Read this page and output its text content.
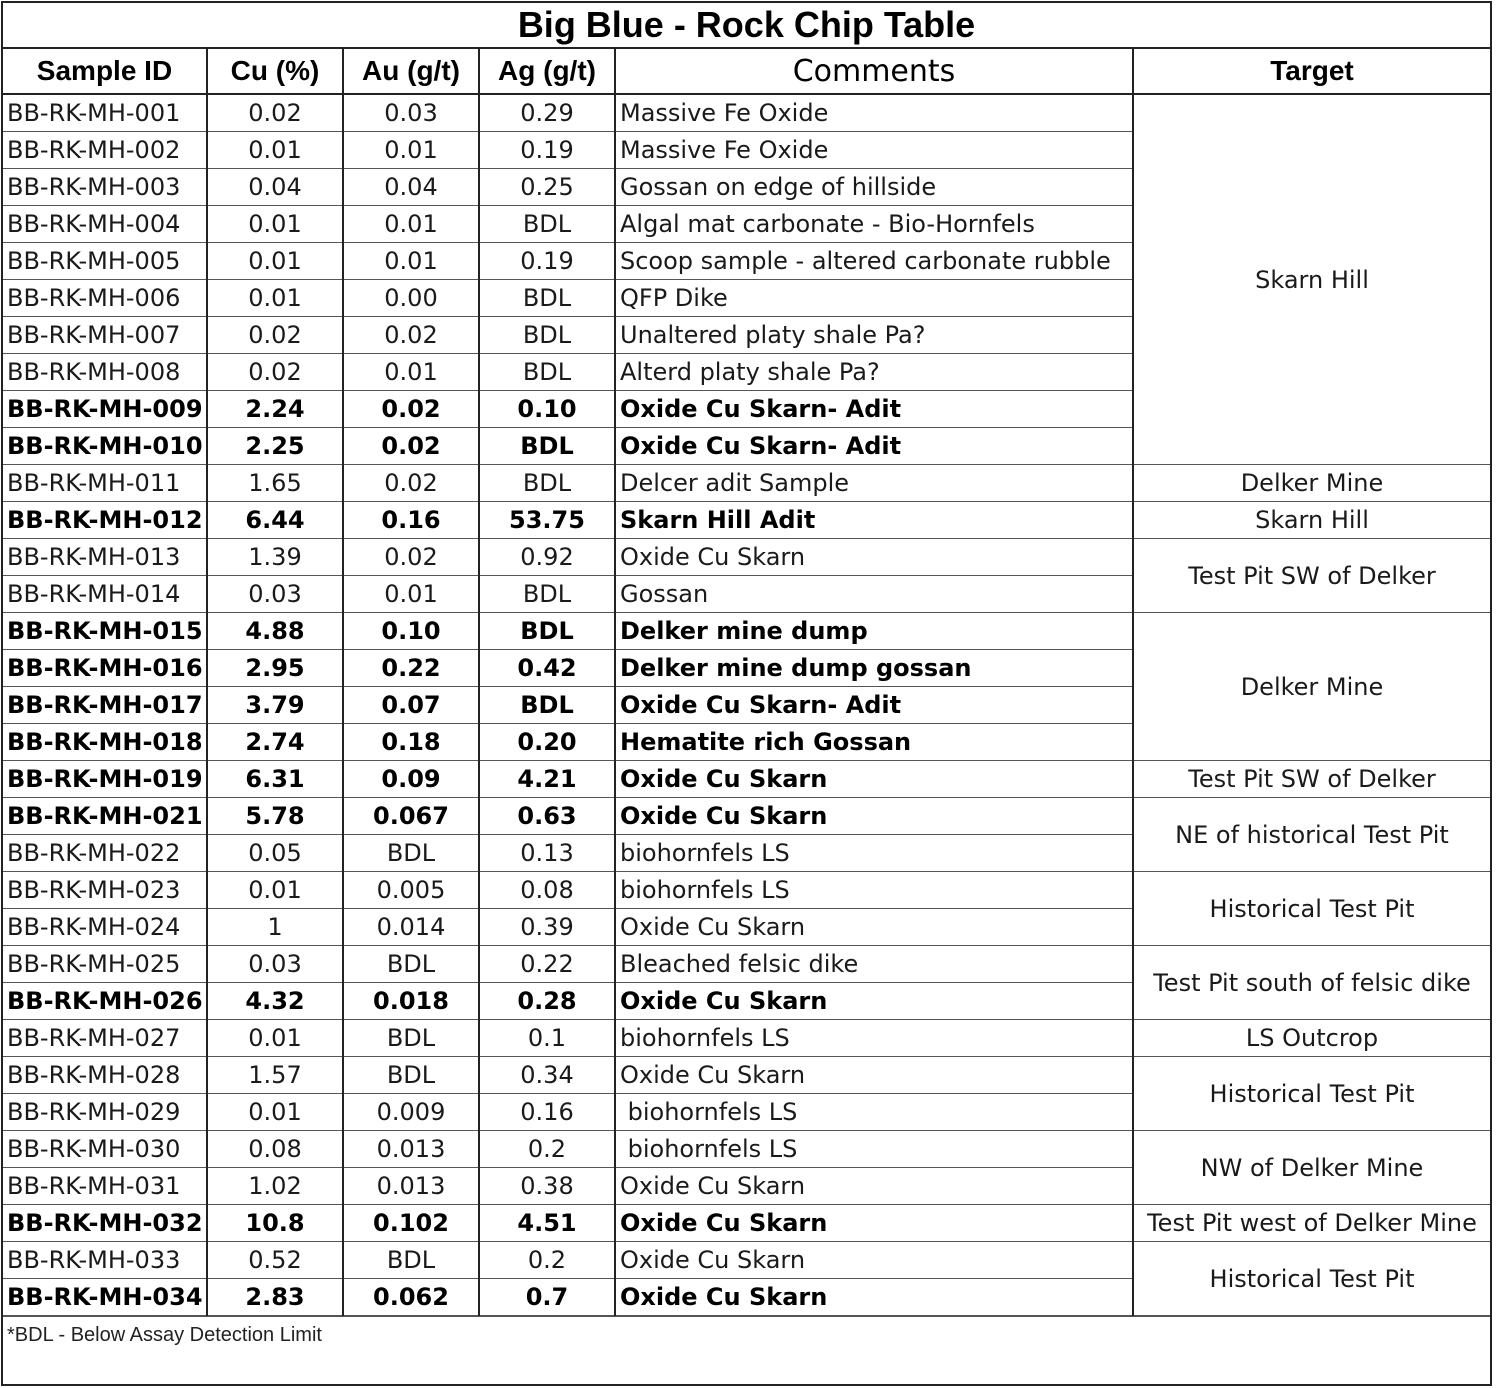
Big Blue - Rock Chip Table
Sample ID	Cu (%)	Au (g/t)	Ag (g/t)	Comments	Target
BB-RK-MH-001	0.02	0.03	0.29	Massive Fe Oxide	Skarn Hill
BB-RK-MH-002	0.01	0.01	0.19	Massive Fe Oxide	
BB-RK-MH-003	0.04	0.04	0.25	Gossan on edge of hillside	
BB-RK-MH-004	0.01	0.01	BDL	Algal mat carbonate - Bio-Hornfels	
BB-RK-MH-005	0.01	0.01	0.19	Scoop sample - altered carbonate rubble	
BB-RK-MH-006	0.01	0.00	BDL	QFP Dike	
BB-RK-MH-007	0.02	0.02	BDL	Unaltered platy shale Pa?	
BB-RK-MH-008	0.02	0.01	BDL	Alterd platy shale Pa?	
BB-RK-MH-009	2.24	0.02	0.10	Oxide Cu Skarn- Adit	
BB-RK-MH-010	2.25	0.02	BDL	Oxide Cu Skarn- Adit	
BB-RK-MH-011	1.65	0.02	BDL	Delcer adit Sample	Delker Mine
BB-RK-MH-012	6.44	0.16	53.75	Skarn Hill Adit	Skarn Hill
BB-RK-MH-013	1.39	0.02	0.92	Oxide Cu Skarn	Test Pit SW of Delker
BB-RK-MH-014	0.03	0.01	BDL	Gossan	
BB-RK-MH-015	4.88	0.10	BDL	Delker mine dump	Delker Mine
BB-RK-MH-016	2.95	0.22	0.42	Delker mine dump gossan	
BB-RK-MH-017	3.79	0.07	BDL	Oxide Cu Skarn- Adit	
BB-RK-MH-018	2.74	0.18	0.20	Hematite rich Gossan	
BB-RK-MH-019	6.31	0.09	4.21	Oxide Cu Skarn	Test Pit SW of Delker
BB-RK-MH-021	5.78	0.067	0.63	Oxide Cu Skarn	NE of historical Test Pit
BB-RK-MH-022	0.05	BDL	0.13	biohornfels LS	
BB-RK-MH-023	0.01	0.005	0.08	biohornfels LS	Historical Test Pit
BB-RK-MH-024	1	0.014	0.39	Oxide Cu Skarn	
BB-RK-MH-025	0.03	BDL	0.22	Bleached felsic dike	Test Pit south of felsic dike
BB-RK-MH-026	4.32	0.018	0.28	Oxide Cu Skarn	
BB-RK-MH-027	0.01	BDL	0.1	biohornfels LS	LS Outcrop
BB-RK-MH-028	1.57	BDL	0.34	Oxide Cu Skarn	Historical Test Pit
BB-RK-MH-029	0.01	0.009	0.16	biohornfels LS	
BB-RK-MH-030	0.08	0.013	0.2	biohornfels LS	NW of Delker Mine
BB-RK-MH-031	1.02	0.013	0.38	Oxide Cu Skarn	
BB-RK-MH-032	10.8	0.102	4.51	Oxide Cu Skarn	Test Pit west of Delker Mine
BB-RK-MH-033	0.52	BDL	0.2	Oxide Cu Skarn	Historical Test Pit
BB-RK-MH-034	2.83	0.062	0.7	Oxide Cu Skarn	
*BDL - Below Assay Detection Limit
